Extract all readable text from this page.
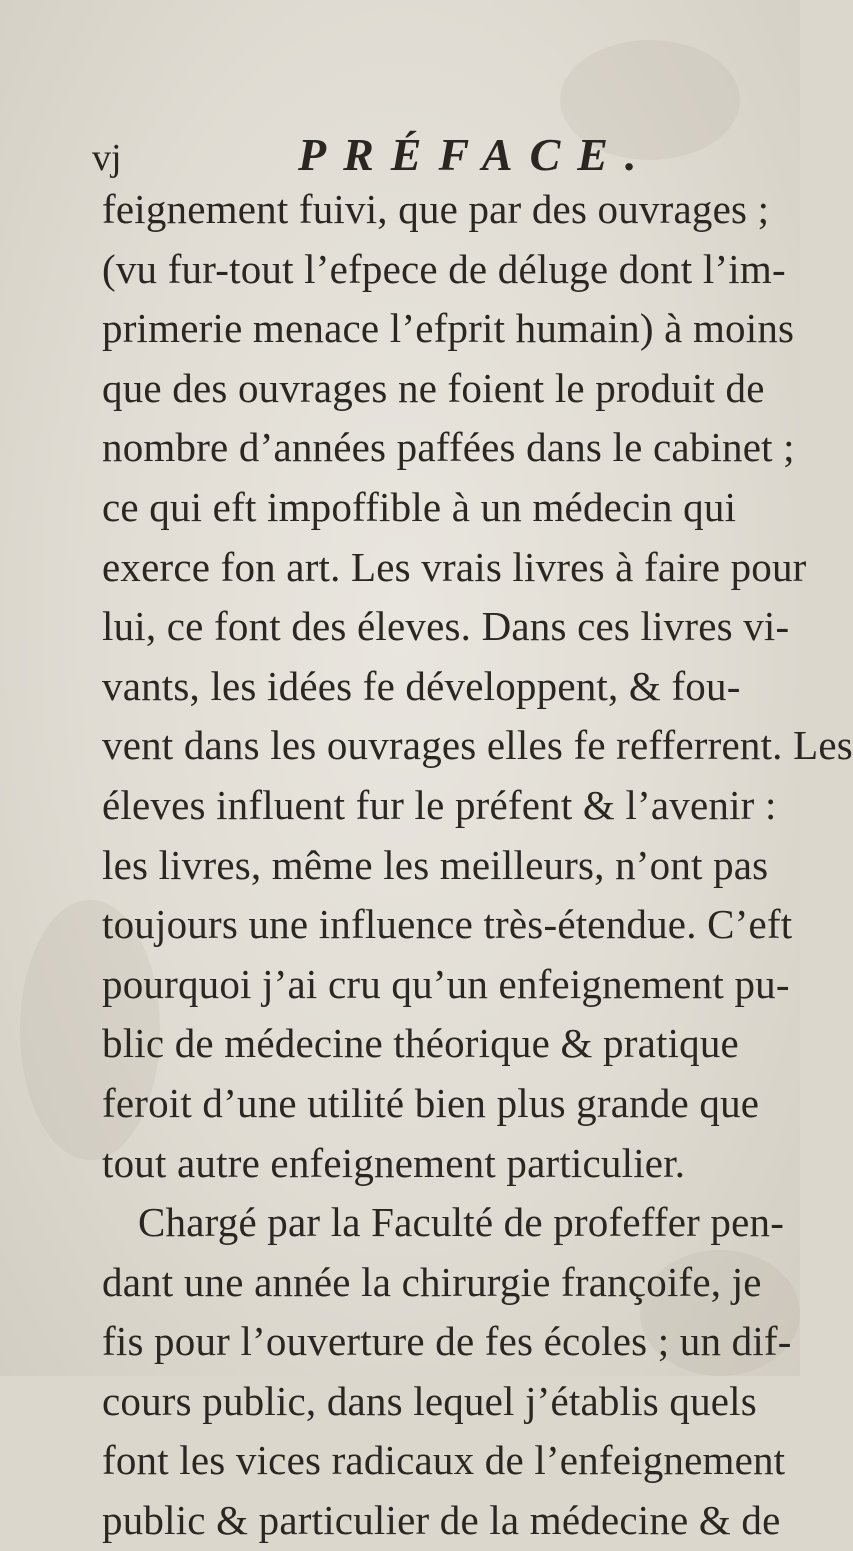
vj	PRÉFACE.
feignement fuivi, que par des ouvrages ;
(vu fur-tout l’efpece de déluge dont l’im-
primerie menace l’efprit humain) à moins
que des ouvrages ne foient le produit de
nombre d’années paffées dans le cabinet ;
ce qui eft impoffible à un médecin qui
exerce fon art. Les vrais livres à faire pour
lui, ce font des éleves. Dans ces livres vi-
vants, les idées fe développent, & fou-
vent dans les ouvrages elles fe refferrent. Les
éleves influent fur le préfent & l’avenir :
les livres, même les meilleurs, n’ont pas
toujours une influence très-étendue. C’eft
pourquoi j’ai cru qu’un enfeignement pu-
blic de médecine théorique & pratique
feroit d’une utilité bien plus grande que
tout autre enfeignement particulier.
Chargé par la Faculté de profeffer pen-
dant une année la chirurgie françoife, je
fis pour l’ouverture de fes écoles ; un dif-
cours public, dans lequel j’établis quels
font les vices radicaux de l’enfeignement
public & particulier de la médecine & de
